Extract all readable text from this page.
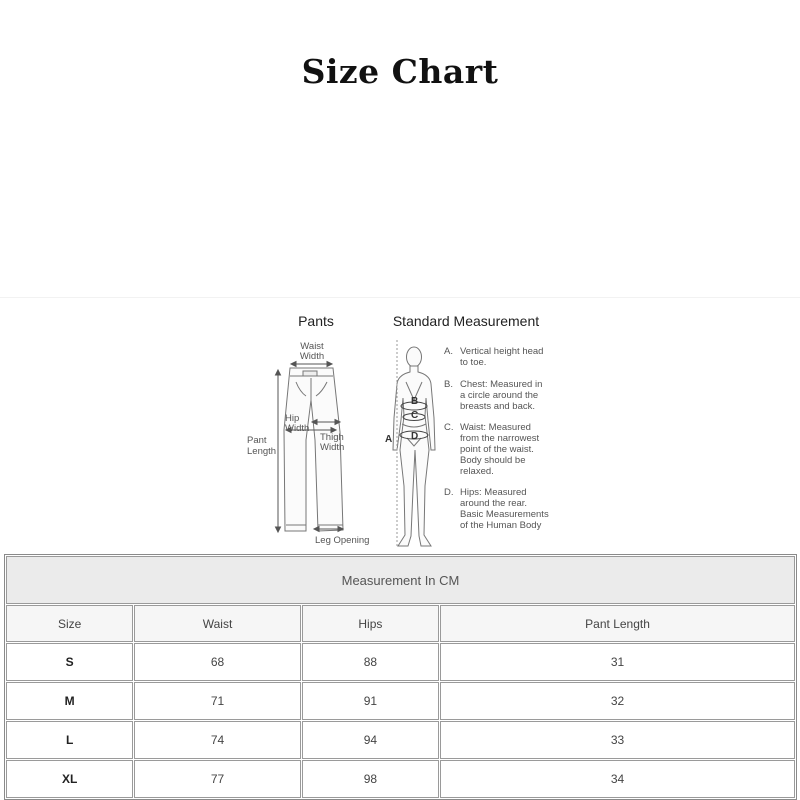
Size Chart
Pants	Standard Measurement
Waist
Width
Hip
Width
Thigh
Width
Pant
Length
Leg Opening
B
C
D
A
A. Vertical height head
to toe.
B. Chest: Measured in
a circle around the
breasts and back.
C. Waist: Measured
from the narrowest
point of the waist.
Body should be
relaxed.
D. Hips: Measured
around the rear.
Basic Measurements
of the Human Body
Measurement In CM			
Size	Waist	Hips	Pant Length
S	68	88	31
M	71	91	32
L	74	94	33
XL	77	98	34
